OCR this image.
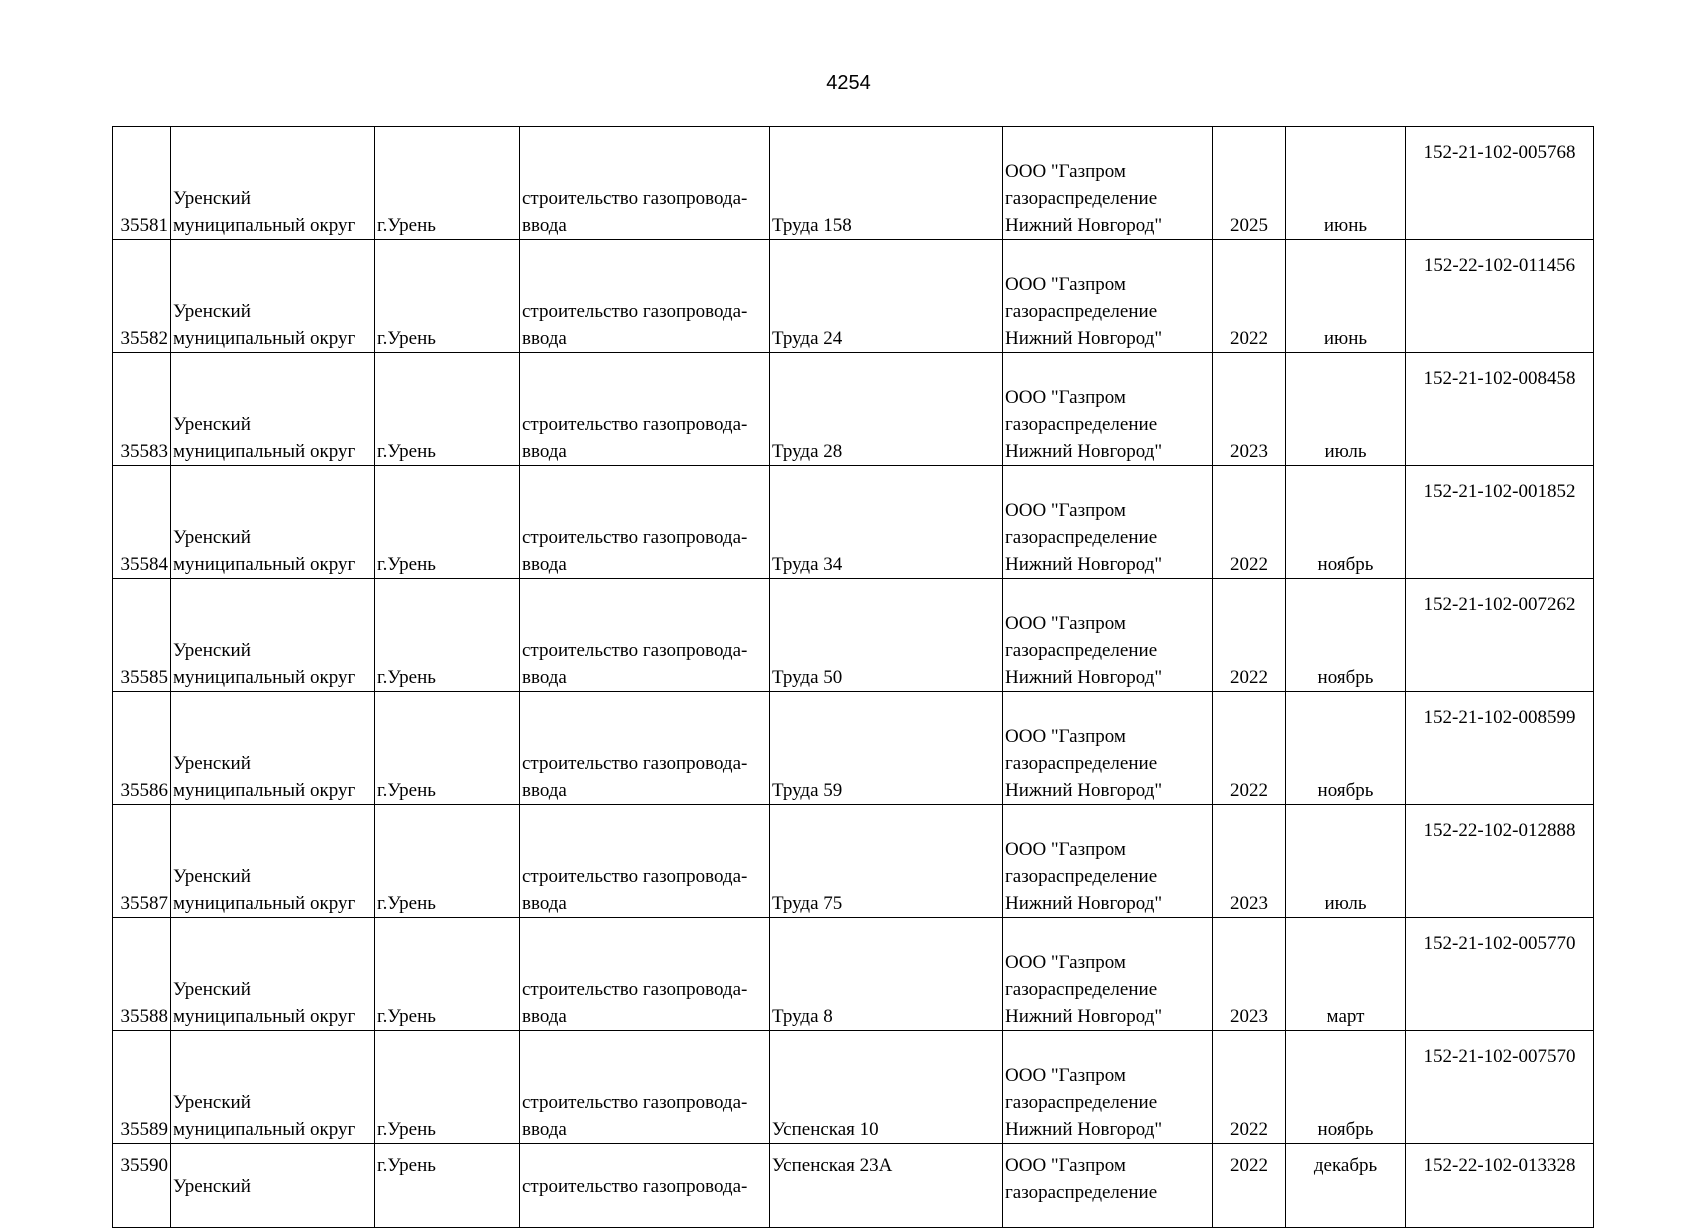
4254
35581	Уренский
муниципальный округ	г.Урень	строительство газопровода-
ввода	Труда 158	ООО "Газпром
газораспределение
Нижний Новгород"	2025	июнь	152-21-102-005768

35582	Уренский
муниципальный округ	г.Урень	строительство газопровода-
ввода	Труда 24	ООО "Газпром
газораспределение
Нижний Новгород"	2022	июнь	152-22-102-011456

35583	Уренский
муниципальный округ	г.Урень	строительство газопровода-
ввода	Труда 28	ООО "Газпром
газораспределение
Нижний Новгород"	2023	июль	152-21-102-008458

35584	Уренский
муниципальный округ	г.Урень	строительство газопровода-
ввода	Труда 34	ООО "Газпром
газораспределение
Нижний Новгород"	2022	ноябрь	152-21-102-001852

35585	Уренский
муниципальный округ	г.Урень	строительство газопровода-
ввода	Труда 50	ООО "Газпром
газораспределение
Нижний Новгород"	2022	ноябрь	152-21-102-007262

35586	Уренский
муниципальный округ	г.Урень	строительство газопровода-
ввода	Труда 59	ООО "Газпром
газораспределение
Нижний Новгород"	2022	ноябрь	152-21-102-008599

35587	Уренский
муниципальный округ	г.Урень	строительство газопровода-
ввода	Труда 75	ООО "Газпром
газораспределение
Нижний Новгород"	2023	июль	152-22-102-012888

35588	Уренский
муниципальный округ	г.Урень	строительство газопровода-
ввода	Труда 8	ООО "Газпром
газораспределение
Нижний Новгород"	2023	март	152-21-102-005770

35589	Уренский
муниципальный округ	г.Урень	строительство газопровода-
ввода	Успенская 10	ООО "Газпром
газораспределение
Нижний Новгород"	2022	ноябрь	152-21-102-007570

35590	Уренский	г.Урень	строительство газопровода-	Успенская 23А	ООО "Газпром
газораспределение	2022	декабрь	152-22-102-013328
